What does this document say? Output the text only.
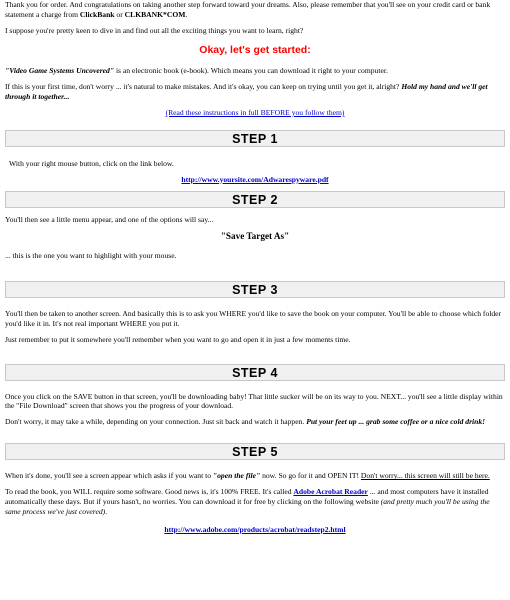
Thank you for order. And congratulations on taking another step forward toward your dreams. Also, please remember that you'll see on your credit card or bank statement a charge from ClickBank or CLKBANK*COM.

I suppose you're pretty keen to dive in and find out all the exciting things you want to learn, right?

Okay, let's get started:

"Video Game Systems Uncovered" is an electronic book (e-book). Which means you can download it right to your computer.

If this is your first time, don't worry ... it's natural to make mistakes. And it's okay, you can keep on trying until you get it, alright? Hold my hand and we'll get through it together...

(Read these instructions in full BEFORE you follow them)

STEP 1

With your right mouse button, click on the link below.

http://www.yoursite.com/Adwarespyware.pdf

STEP 2

You'll then see a little menu appear, and one of the options will say...

"Save Target As"

... this is the one you want to highlight with your mouse.

STEP 3

You'll then be taken to another screen. And basically this is to ask you WHERE you'd like to save the book on your computer. You'll be able to choose which folder you'd like it in. It's not real important WHERE you put it.

Just remember to put it somewhere you'll remember when you want to go and open it in just a few moments time.

STEP 4

Once you click on the SAVE button in that screen, you'll be downloading baby! That little sucker will be on its way to you. NEXT... you'll see a little display within the "File Download" screen that shows you the progress of your download.

Don't worry, it may take a while, depending on your connection. Just sit back and watch it happen. Put your feet up ... grab some coffee or a nice cold drink!

STEP 5

When it's done, you'll see a screen appear which asks if you want to "open the file" now. So go for it and OPEN IT! Don't worry... this screen will still be here.

To read the book, you WILL require some software. Good news is, it's 100% FREE. It's called Adobe Acrobat Reader ... and most computers have it installed automatically these days. But if yours hasn't, no worries. You can download it for free by clicking on the following website (and pretty much you'll be using the same process we've just covered).

http://www.adobe.com/products/acrobat/readstep2.html
